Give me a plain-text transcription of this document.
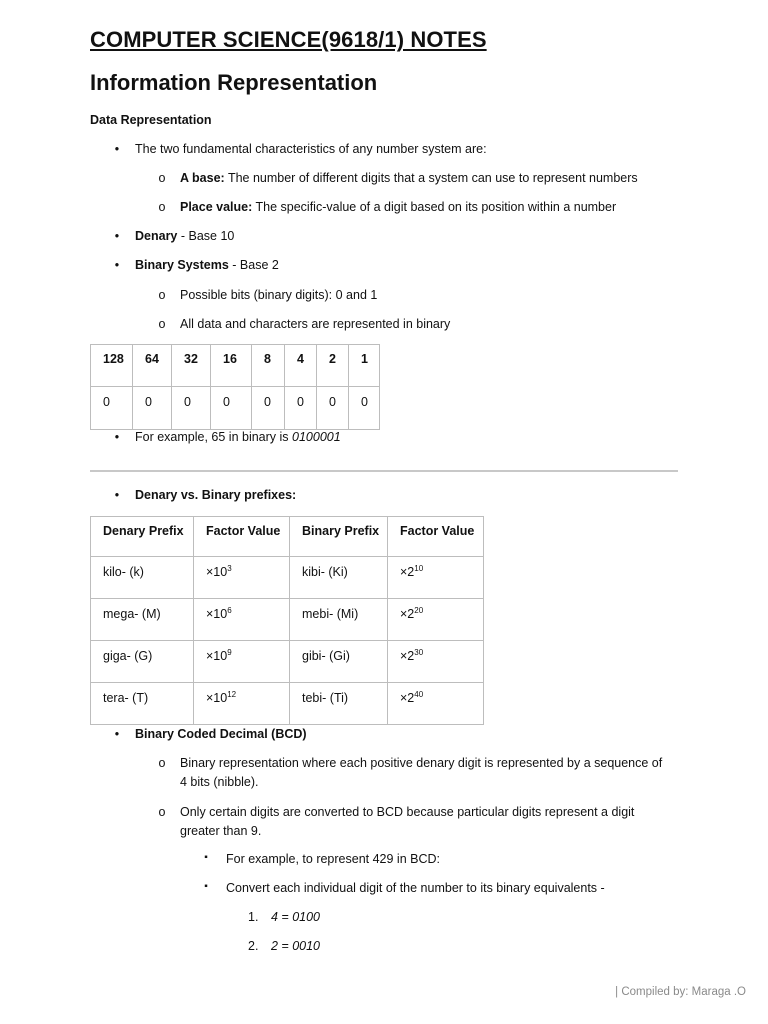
COMPUTER SCIENCE(9618/1) NOTES
Information Representation
Data Representation
•	The two fundamental characteristics of any number system are:
o A base: The number of different digits that a system can use to represent numbers
o Place value: The specific-value of a digit based on its position within a number
•	Denary - Base 10
•	Binary Systems - Base 2
o Possible bits (binary digits): 0 and 1
o All data and characters are represented in binary
128	64	32	16	8	4	2	1
0	0	0	0	0	0	0	0
•	For example, 65 in binary is 0100001
•	Denary vs. Binary prefixes:
Denary Prefix	Factor Value	Binary Prefix	Factor Value
kilo- (k)	$\times 10^3$	kibi- (Ki)	$\times 2^{10}$
mega- (M)	$\times 10^6$	mebi- (Mi)	$\times 2^{20}$
giga- (G)	$\times 10^9$	gibi- (Gi)	$\times 2^{30}$
tera- (T)	$\times 10^{12}$	tebi- (Ti)	$\times 2^{40}$
•	Binary Coded Decimal (BCD)
o Binary representation where each positive denary digit is represented by a sequence of
4 bits (nibble).
o Only certain digits are converted to BCD because particular digits represent a digit
greater than 9.
▪	For example, to represent 429 in BCD:
▪	Convert each individual digit of the number to its binary equivalents -
1. 4 = 0100
2. 2 = 0010
| Compiled by: Maraga .O
